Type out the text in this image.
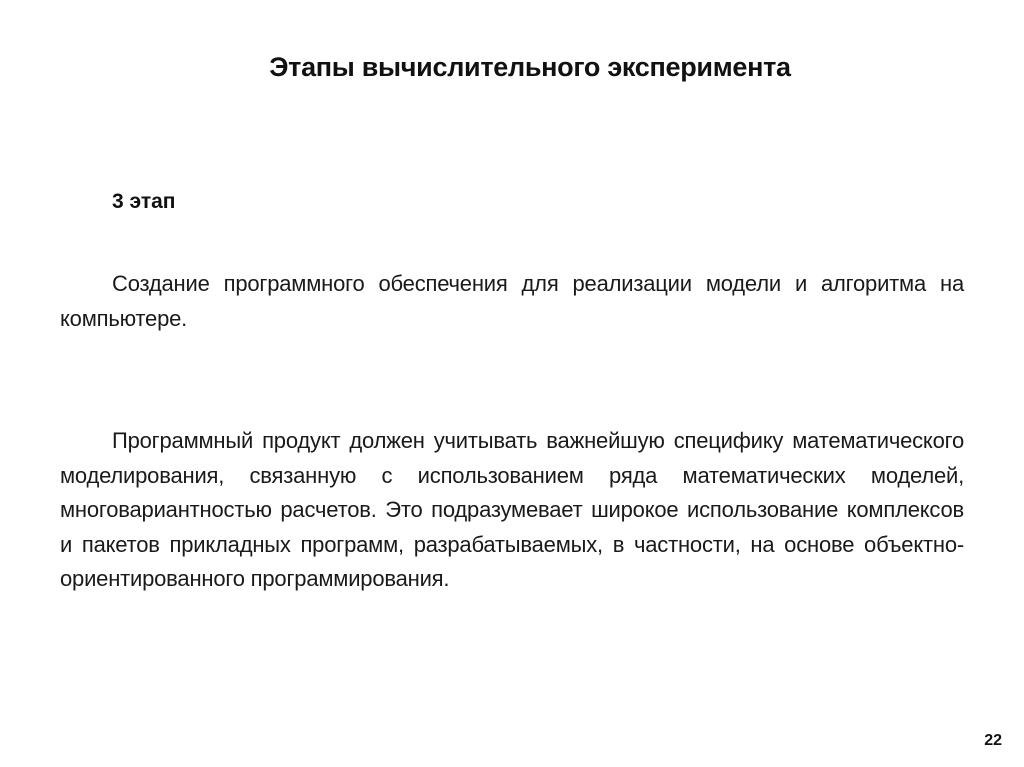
Этапы вычислительного эксперимента
3 этап

Создание программного обеспечения для реализации модели и алгоритма на компьютере.

Программный продукт должен учитывать важнейшую специфику математического моделирования, связанную с использованием ряда математических моделей, многовариантностью расчетов. Это подразумевает широкое использование комплексов и пакетов прикладных программ, разрабатываемых, в частности, на основе объектно-ориентированного программирования.

22
